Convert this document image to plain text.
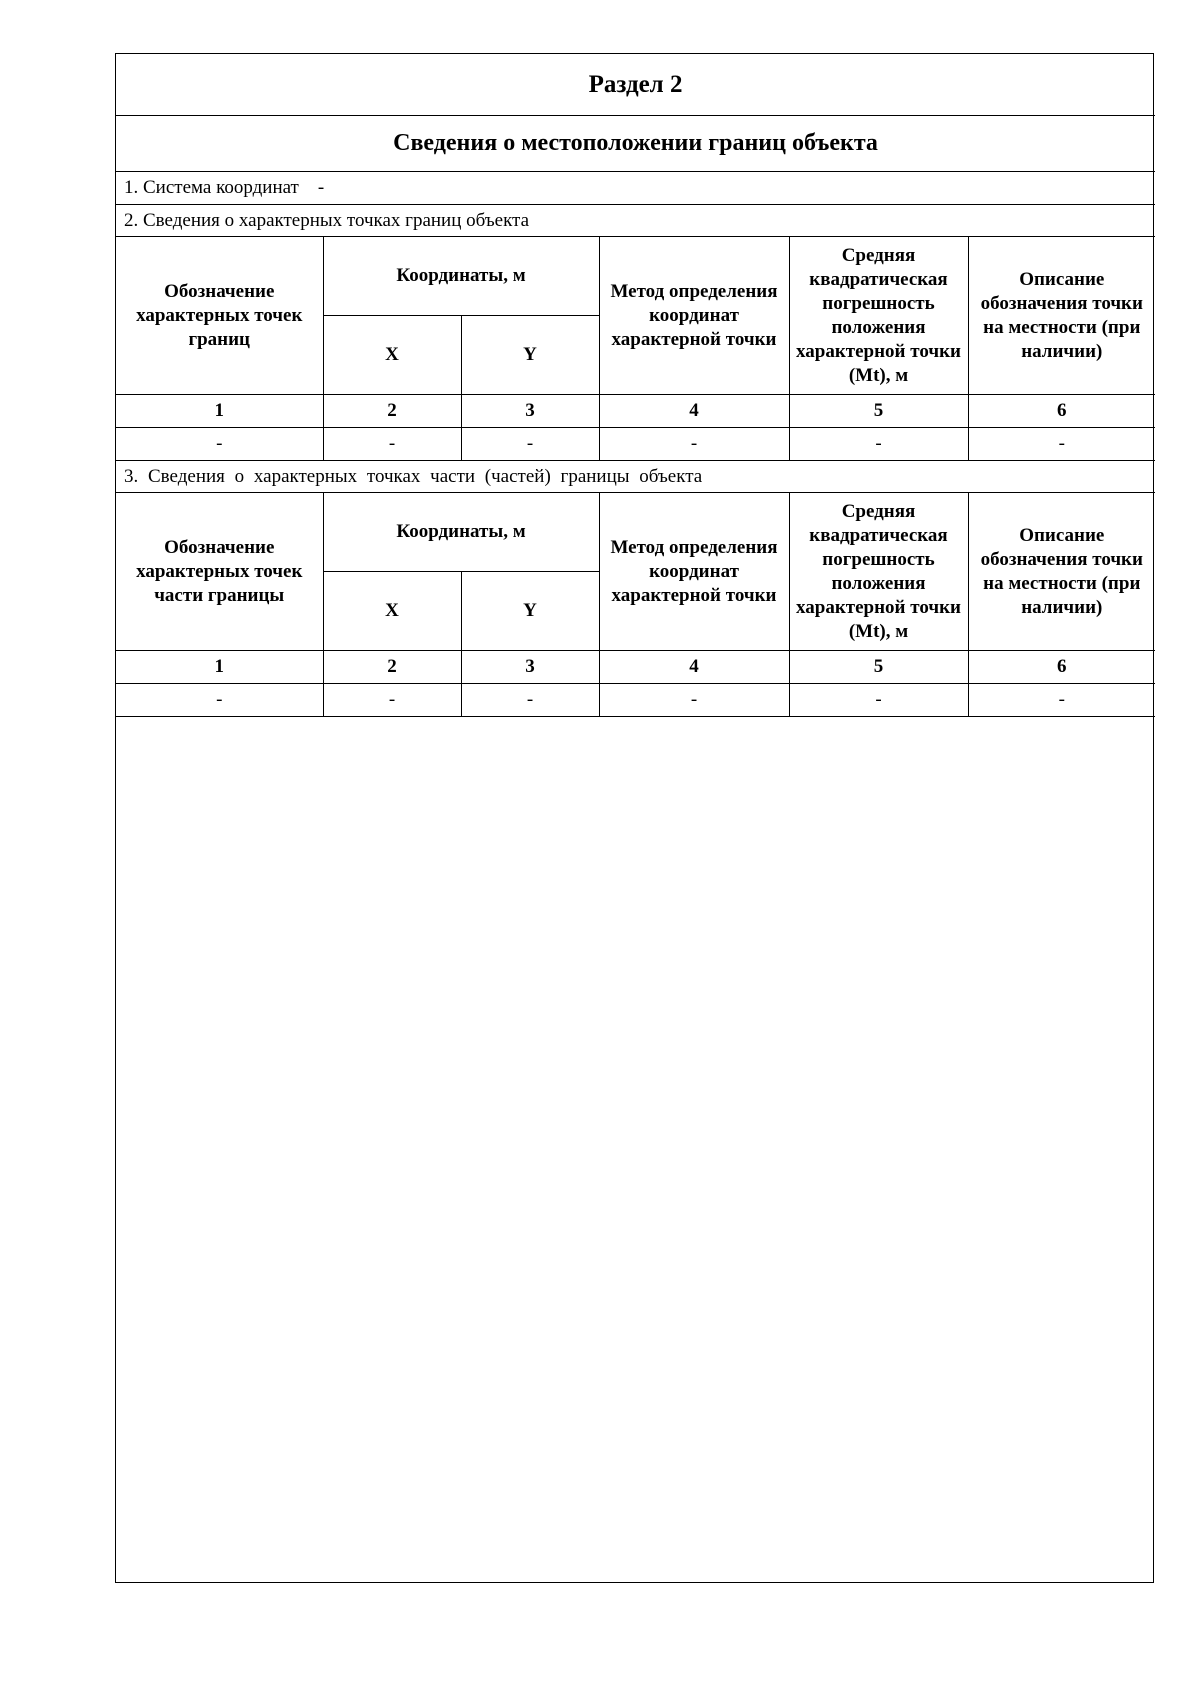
Раздел 2					
Сведения о местоположении границ объекта					
1. Система координат -					
2. Сведения о характерных точках границ объекта					
Обозначение характерных точек границ	Координаты, м		Метод определения координат характерной точки	Средняя квадратическая погрешность положения характерной точки (Mt), м	Описание обозначения точки на местности (при наличии)
	X	Y			
1	2	3	4	5	6
-	-	-	-	-	-
3. Сведения о характерных точках части (частей) границы объекта					
Обозначение характерных точек части границы	Координаты, м		Метод определения координат характерной точки	Средняя квадратическая погрешность положения характерной точки (Mt), м	Описание обозначения точки на местности (при наличии)
	X	Y			
1	2	3	4	5	6
-	-	-	-	-	-
